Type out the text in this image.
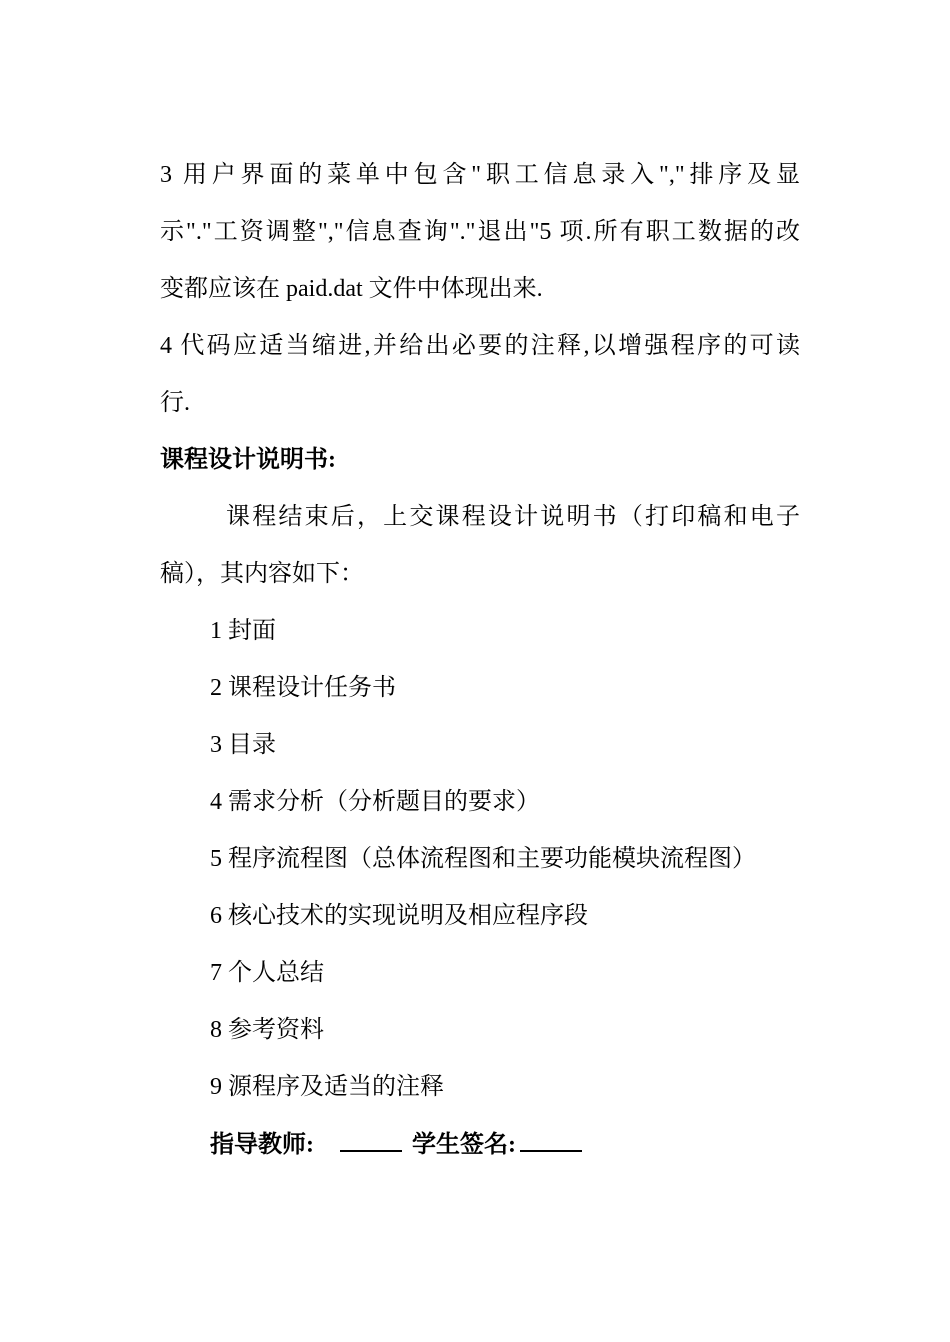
3 用户界面的菜单中包含"职工信息录入","排序及显
示"."工资调整","信息查询"."退出"5 项.所有职工数据的改
变都应该在 paid.dat 文件中体现出来.
4 代码应适当缩进,并给出必要的注释,以增强程序的可读
行.
课程设计说明书:
课程结束后，上交课程设计说明书（打印稿和电子
稿），其内容如下：
1 封面
2 课程设计任务书
3 目录
4 需求分析（分析题目的要求）
5 程序流程图（总体流程图和主要功能模块流程图）
6 核心技术的实现说明及相应程序段
7 个人总结
8 参考资料
9 源程序及适当的注释
指导教师:	学生签名:
